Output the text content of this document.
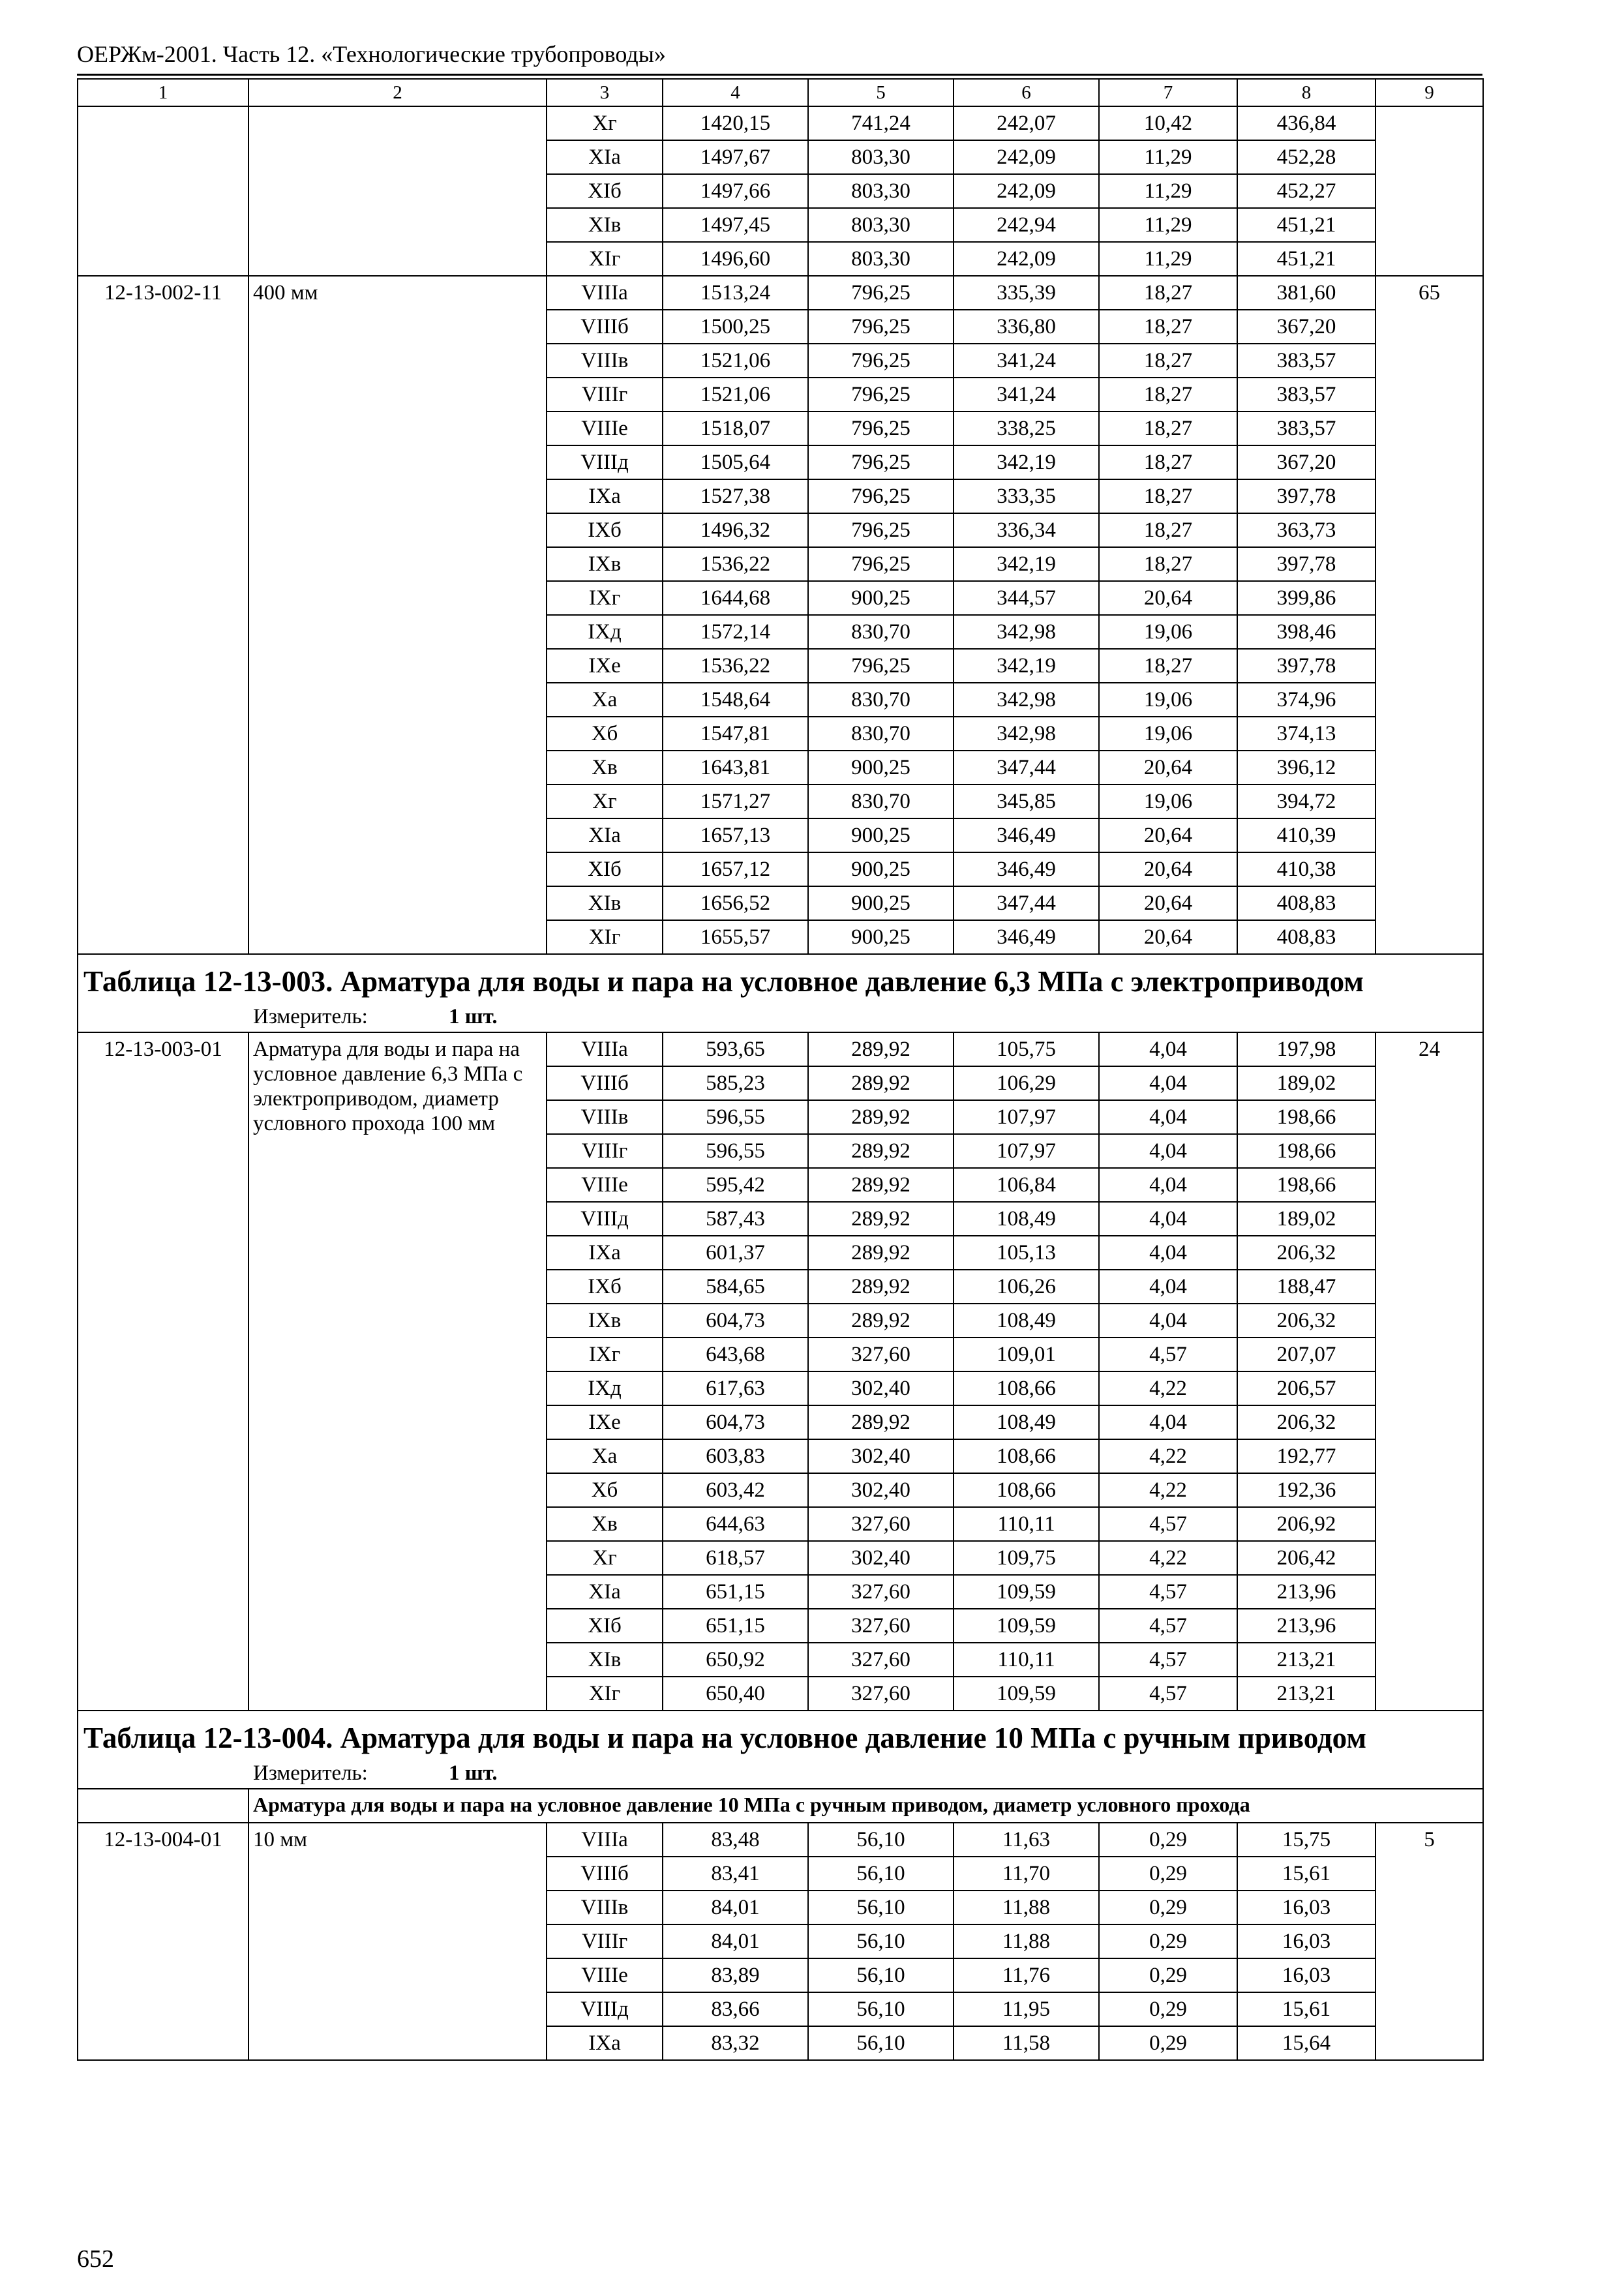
ОЕРЖм-2001. Часть 12. «Технологические трубопроводы»
1	2	3	4	5	6	7	8	9
		Xг	1420,15	741,24	242,07	10,42	436,84	
		XIа	1497,67	803,30	242,09	11,29	452,28	
		XIб	1497,66	803,30	242,09	11,29	452,27	
		XIв	1497,45	803,30	242,94	11,29	451,21	
		XIг	1496,60	803,30	242,09	11,29	451,21	
12-13-002-11	400 мм	VIIIа	1513,24	796,25	335,39	18,27	381,60	65
		VIIIб	1500,25	796,25	336,80	18,27	367,20	
		VIIIв	1521,06	796,25	341,24	18,27	383,57	
		VIIIг	1521,06	796,25	341,24	18,27	383,57	
		VIIIе	1518,07	796,25	338,25	18,27	383,57	
		VIIIд	1505,64	796,25	342,19	18,27	367,20	
		IXа	1527,38	796,25	333,35	18,27	397,78	
		IXб	1496,32	796,25	336,34	18,27	363,73	
		IXв	1536,22	796,25	342,19	18,27	397,78	
		IXг	1644,68	900,25	344,57	20,64	399,86	
		IXд	1572,14	830,70	342,98	19,06	398,46	
		IXе	1536,22	796,25	342,19	18,27	397,78	
		Xа	1548,64	830,70	342,98	19,06	374,96	
		Xб	1547,81	830,70	342,98	19,06	374,13	
		Xв	1643,81	900,25	347,44	20,64	396,12	
		Xг	1571,27	830,70	345,85	19,06	394,72	
		XIа	1657,13	900,25	346,49	20,64	410,39	
		XIб	1657,12	900,25	346,49	20,64	410,38	
		XIв	1656,52	900,25	347,44	20,64	408,83	
		XIг	1655,57	900,25	346,49	20,64	408,83	

Таблица 12-13-003. Арматура для воды и пара на условное давление 6,3 МПа с электроприводом								

Измеритель: 1 шт.								
12-13-003-01	Арматура для воды и пара на условное давление 6,3 МПа с электроприводом, диаметр условного прохода 100 мм	VIIIа	593,65	289,92	105,75	4,04	197,98	24
		VIIIб	585,23	289,92	106,29	4,04	189,02	
		VIIIв	596,55	289,92	107,97	4,04	198,66	
		VIIIг	596,55	289,92	107,97	4,04	198,66	
		VIIIе	595,42	289,92	106,84	4,04	198,66	
		VIIIд	587,43	289,92	108,49	4,04	189,02	
		IXа	601,37	289,92	105,13	4,04	206,32	
		IXб	584,65	289,92	106,26	4,04	188,47	
		IXв	604,73	289,92	108,49	4,04	206,32	
		IXг	643,68	327,60	109,01	4,57	207,07	
		IXд	617,63	302,40	108,66	4,22	206,57	
		IXе	604,73	289,92	108,49	4,04	206,32	
		Xа	603,83	302,40	108,66	4,22	192,77	
		Xб	603,42	302,40	108,66	4,22	192,36	
		Xв	644,63	327,60	110,11	4,57	206,92	
		Xг	618,57	302,40	109,75	4,22	206,42	
		XIа	651,15	327,60	109,59	4,57	213,96	
		XIб	651,15	327,60	109,59	4,57	213,96	
		XIв	650,92	327,60	110,11	4,57	213,21	
		XIг	650,40	327,60	109,59	4,57	213,21	

Таблица 12-13-004. Арматура для воды и пара на условное давление 10 МПа с ручным приводом								

Измеритель: 1 шт.								
	Арматура для воды и пара на условное давление 10 МПа с ручным приводом, диаметр условного прохода							
12-13-004-01	10 мм	VIIIа	83,48	56,10	11,63	0,29	15,75	5
		VIIIб	83,41	56,10	11,70	0,29	15,61	
		VIIIв	84,01	56,10	11,88	0,29	16,03	
		VIIIг	84,01	56,10	11,88	0,29	16,03	
		VIIIе	83,89	56,10	11,76	0,29	16,03	
		VIIIд	83,66	56,10	11,95	0,29	15,61	
		IXа	83,32	56,10	11,58	0,29	15,64	
652
